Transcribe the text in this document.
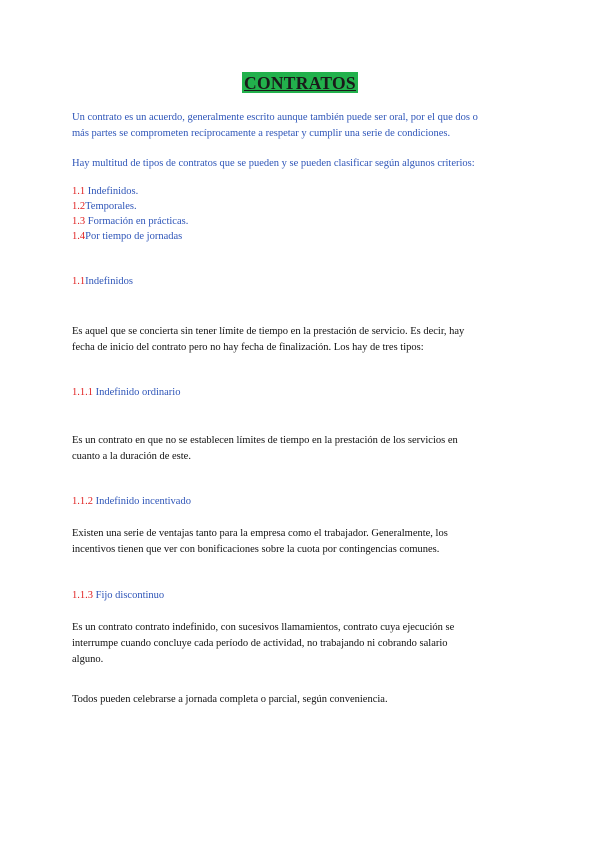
CONTRATOS
Un contrato es un acuerdo, generalmente escrito aunque también puede ser oral, por el que dos o
más partes se comprometen recíprocamente a respetar y cumplir una serie de condiciones.
Hay multitud de tipos de contratos que se pueden y se pueden clasificar según algunos criterios:
1.1 Indefinidos.
1.2Temporales.
1.3 Formación en prácticas.
1.4Por tiempo de jornadas
1.1Indefinidos
Es aquel que se concierta sin tener límite de tiempo en la prestación de servicio. Es decir, hay
fecha de inicio del contrato pero no hay fecha de finalización. Los hay de tres tipos:
1.1.1 Indefinido ordinario
Es un contrato en que no se establecen límites de tiempo en la prestación de los servicios en
cuanto a la duración de este.
1.1.2 Indefinido incentivado
Existen una serie de ventajas tanto para la empresa como el trabajador. Generalmente, los
incentivos tienen que ver con bonificaciones sobre la cuota por contingencias comunes.
1.1.3 Fijo discontinuo
Es un contrato contrato indefinido, con sucesivos llamamientos, contrato cuya ejecución se
interrumpe cuando concluye cada período de actividad, no trabajando ni cobrando salario
alguno.
Todos pueden celebrarse a jornada completa o parcial, según conveniencia.
